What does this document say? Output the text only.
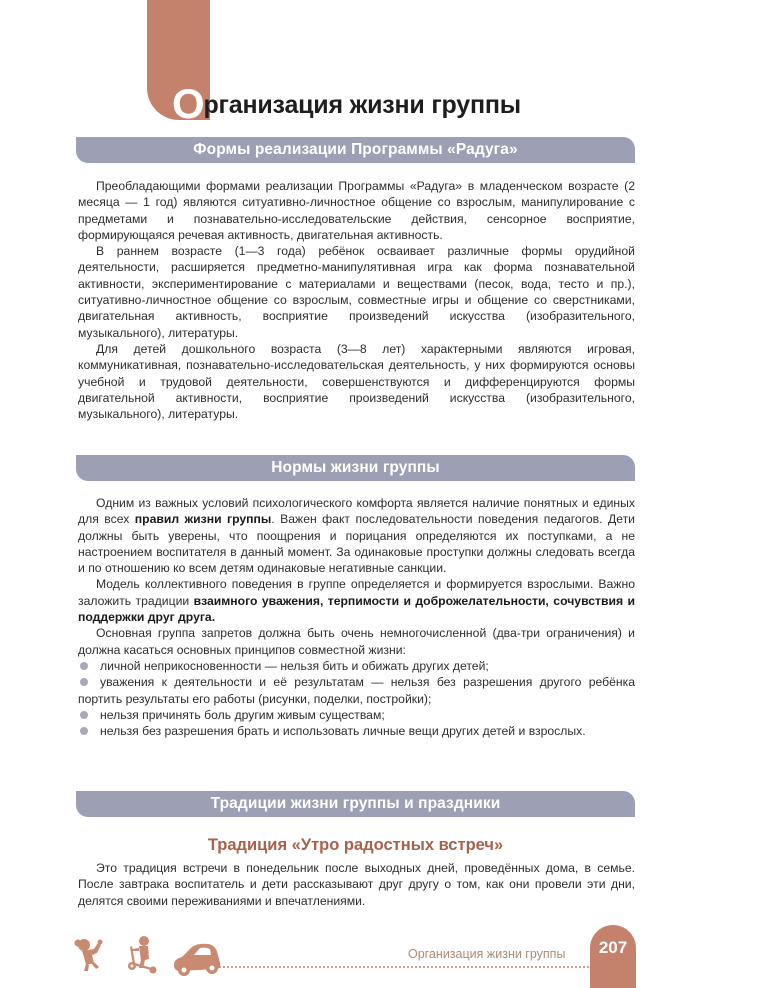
Организация жизни группы
Формы реализации Программы «Радуга»

Преобладающими формами реализации Программы «Радуга» в младенческом возрасте (2 месяца — 1 год) являются ситуативно-личностное общение со взрослым, манипулирование с предметами и познавательно-исследовательские действия, сенсорное восприятие, формирующаяся речевая активность, двигательная активность.

В раннем возрасте (1—3 года) ребёнок осваивает различные формы орудийной деятельности, расширяется предметно-манипулятивная игра как форма познавательной активности, экспериментирование с материалами и веществами (песок, вода, тесто и пр.), ситуативно-личностное общение со взрослым, совместные игры и общение со сверстниками, двигательная активность, восприятие произведений искусства (изобразительного, музыкального), литературы.

Для детей дошкольного возраста (3—8 лет) характерными являются игровая, коммуникативная, познавательно-исследовательская деятельность, у них формируются основы учебной и трудовой деятельности, совершенствуются и дифференцируются формы двигательной активности, восприятие произведений искусства (изобразительного, музыкального), литературы.

Нормы жизни группы

Одним из важных условий психологического комфорта является наличие понятных и единых для всех правил жизни группы. Важен факт последовательности поведения педагогов. Дети должны быть уверены, что поощрения и порицания определяются их поступками, а не настроением воспитателя в данный момент. За одинаковые проступки должны следовать всегда и по отношению ко всем детям одинаковые негативные санкции.

Модель коллективного поведения в группе определяется и формируется взрослыми. Важно заложить традиции взаимного уважения, терпимости и доброжелательности, сочувствия и поддержки друг друга.

Основная группа запретов должна быть очень немногочисленной (два-три ограничения) и должна касаться основных принципов совместной жизни:

личной неприкосновенности — нельзя бить и обижать других детей;
уважения к деятельности и её результатам — нельзя без разрешения другого ребёнка портить результаты его работы (рисунки, поделки, постройки);
нельзя причинять боль другим живым существам;
нельзя без разрешения брать и использовать личные вещи других детей и взрослых.
Традиции жизни группы и праздники
Традиция «Утро радостных встреч»

Это традиция встречи в понедельник после выходных дней, проведённых дома, в семье. После завтрака воспитатель и дети рассказывают друг другу о том, как они провели эти дни, делятся своими переживаниями и впечатлениями.

Организация жизни группы	207
